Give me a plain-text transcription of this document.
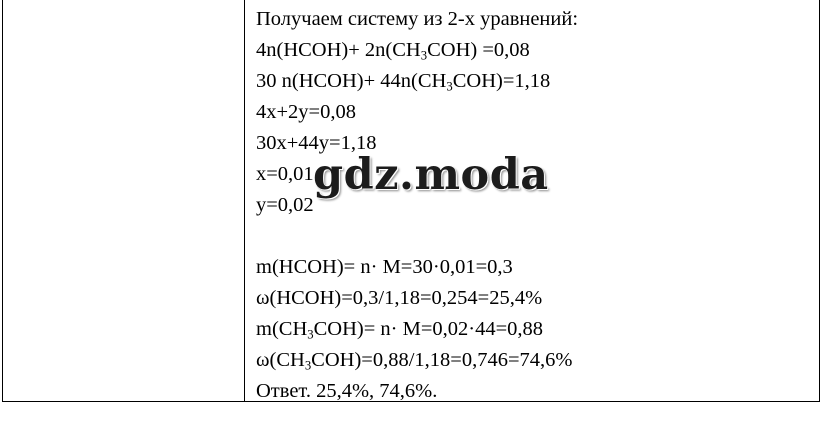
Получаем систему из 2-х уравнений:
4n(HCOH)+ $2n(CH_3COH) =0,08$
30 n(HCOH)+ $44n(CH_3COH)=1,18$
4x+2y=0,08
30x+44y=1,18
x=0,01
y=0,02
m(HCOH)= n· M=30·0,01=0,3
ω(HCOH)=0,3/1,18=0,254=25,4%
$m(CH_3COH)= n\cdot M=0,02\cdot 44=0,88$
$\omega(CH_3COH)=0,88/1,18=0,746=74,6\%$
Ответ. 25,4%, 74,6%.
gdz.moda
